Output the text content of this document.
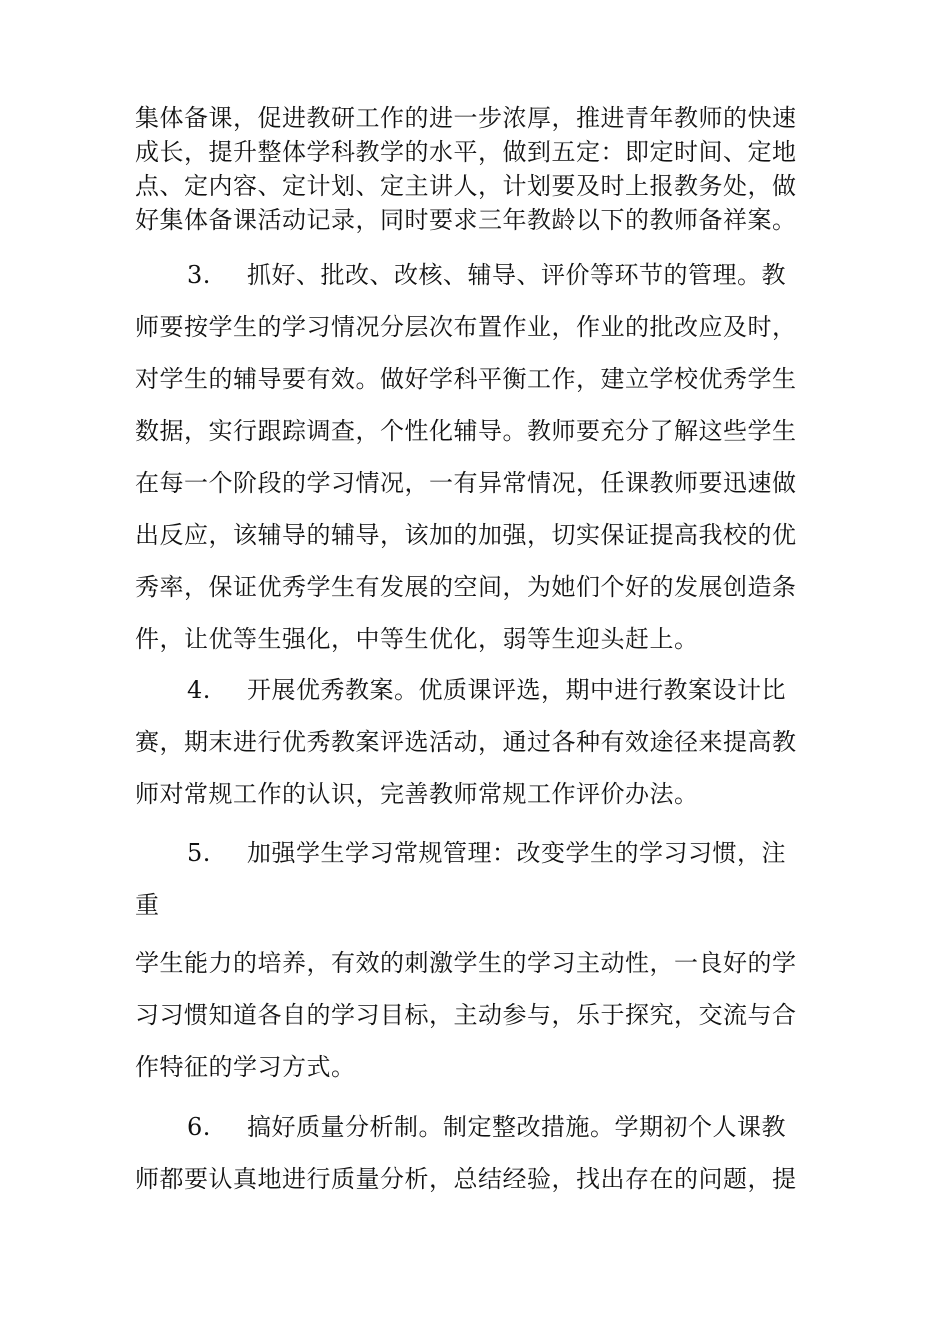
集体备课，促进教研工作的进一步浓厚，推进青年教师的快速
成长，提升整体学科教学的水平，做到五定：即定时间、定地
点、定内容、定计划、定主讲人，计划要及时上报教务处，做
好集体备课活动记录，同时要求三年教龄以下的教师备祥案。
3. 抓好、批改、改核、辅导、评价等环节的管理。教
师要按学生的学习情况分层次布置作业，作业的批改应及时，
对学生的辅导要有效。做好学科平衡工作，建立学校优秀学生
数据，实行跟踪调查，个性化辅导。教师要充分了解这些学生
在每一个阶段的学习情况，一有异常情况，任课教师要迅速做
出反应，该辅导的辅导，该加的加强，切实保证提高我校的优
秀率，保证优秀学生有发展的空间，为她们个好的发展创造条
件，让优等生强化，中等生优化，弱等生迎头赶上。
4. 开展优秀教案。优质课评选，期中进行教案设计比
赛，期末进行优秀教案评选活动，通过各种有效途径来提高教
师对常规工作的认识，完善教师常规工作评价办法。
5. 加强学生学习常规管理：改变学生的学习习惯，注
重
学生能力的培养，有效的刺激学生的学习主动性，一良好的学
习习惯知道各自的学习目标，主动参与，乐于探究，交流与合
作特征的学习方式。
6. 搞好质量分析制。制定整改措施。学期初个人课教
师都要认真地进行质量分析，总结经验，找出存在的问题，提
